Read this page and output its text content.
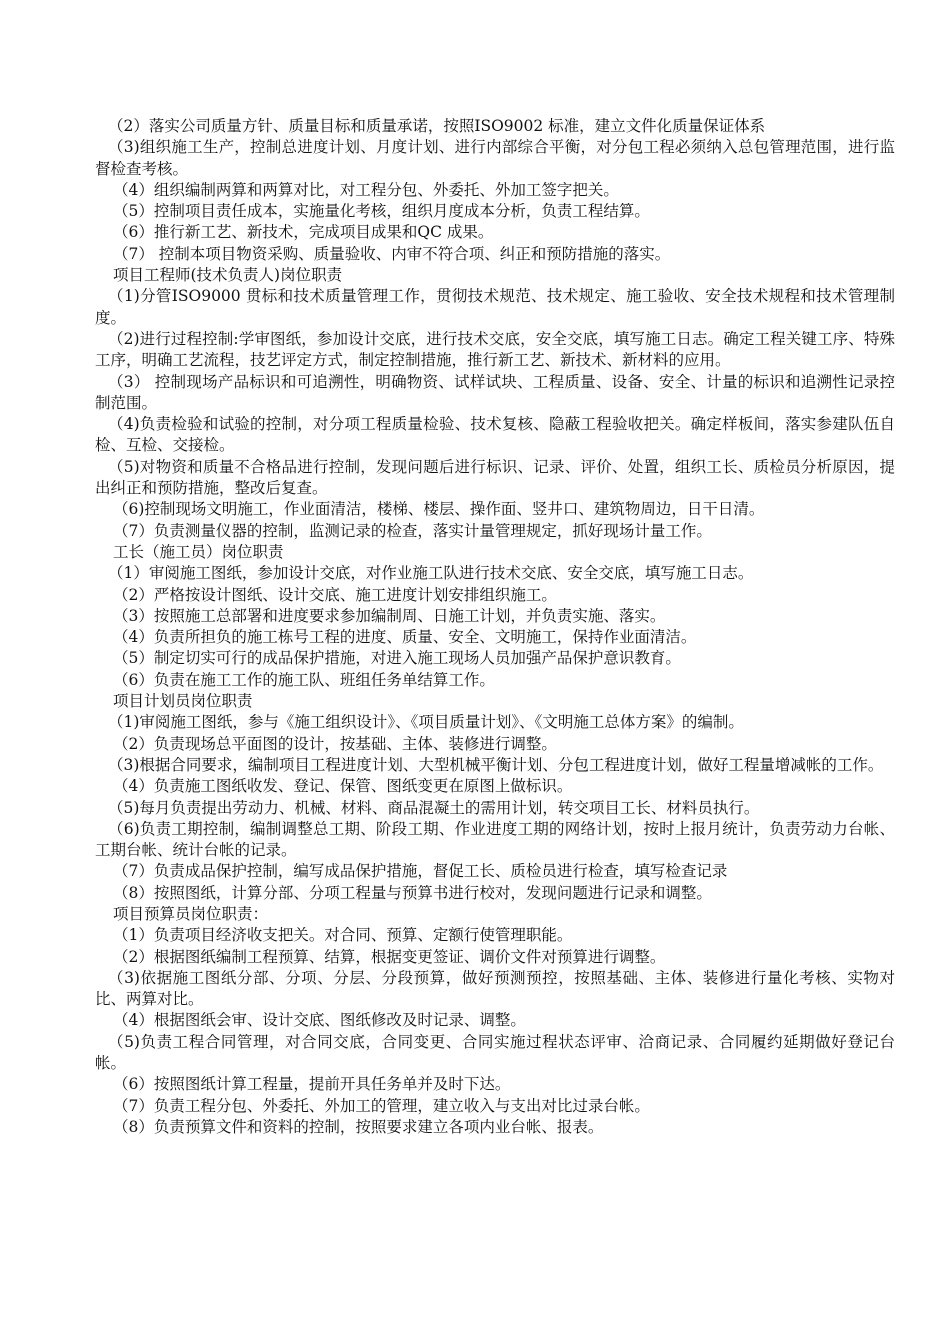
（2）落实公司质量方针、质量目标和质量承诺，按照ISO9002 标准，建立文件化质量保证体系

（3)组织施工生产，控制总进度计划、月度计划、进行内部综合平衡，对分包工程必须纳入总包管理范围，进行监督检查考核。

（4）组织编制两算和两算对比，对工程分包、外委托、外加工签字把关。

（5）控制项目责任成本，实施量化考核，组织月度成本分析，负责工程结算。

（6）推行新工艺、新技术，完成项目成果和QC 成果。

（7） 控制本项目物资采购、质量验收、内审不符合项、纠正和预防措施的落实。

项目工程师(技术负责人)岗位职责

（1)分管ISO9000 贯标和技术质量管理工作，贯彻技术规范、技术规定、施工验收、安全技术规程和技术管理制度。

（2)进行过程控制:学审图纸，参加设计交底，进行技术交底，安全交底，填写施工日志。确定工程关键工序、特殊工序，明确工艺流程，技艺评定方式，制定控制措施，推行新工艺、新技术、新材料的应用。

（3） 控制现场产品标识和可追溯性，明确物资、试样试块、工程质量、设备、安全、计量的标识和追溯性记录控制范围。

（4)负责检验和试验的控制，对分项工程质量检验、技术复核、隐蔽工程验收把关。确定样板间，落实参建队伍自检、互检、交接检。

（5)对物资和质量不合格品进行控制，发现问题后进行标识、记录、评价、处置，组织工长、质检员分析原因，提出纠正和预防措施，整改后复查。

（6)控制现场文明施工，作业面清洁，楼梯、楼层、操作面、竖井口、建筑物周边，日干日清。

（7）负责测量仪器的控制，监测记录的检查，落实计量管理规定，抓好现场计量工作。

工长（施工员）岗位职责

（1）审阅施工图纸，参加设计交底，对作业施工队进行技术交底、安全交底，填写施工日志。

（2）严格按设计图纸、设计交底、施工进度计划安排组织施工。

（3）按照施工总部署和进度要求参加编制周、日施工计划，并负责实施、落实。

（4）负责所担负的施工栋号工程的进度、质量、安全、文明施工，保持作业面清洁。

（5）制定切实可行的成品保护措施，对进入施工现场人员加强产品保护意识教育。

（6）负责在施工工作的施工队、班组任务单结算工作。

项目计划员岗位职责

（1)审阅施工图纸，参与《施工组织设计》、《项目质量计划》、《文明施工总体方案》的编制。

（2）负责现场总平面图的设计，按基础、主体、装修进行调整。

（3)根据合同要求，编制项目工程进度计划、大型机械平衡计划、分包工程进度计划，做好工程量增减帐的工作。

（4）负责施工图纸收发、登记、保管、图纸变更在原图上做标识。

（5)每月负责提出劳动力、机械、材料、商品混凝土的需用计划，转交项目工长、材料员执行。

（6)负责工期控制，编制调整总工期、阶段工期、作业进度工期的网络计划，按时上报月统计，负责劳动力台帐、工期台帐、统计台帐的记录。

（7）负责成品保护控制，编写成品保护措施，督促工长、质检员进行检查，填写检查记录

（8）按照图纸，计算分部、分项工程量与预算书进行校对，发现问题进行记录和调整。

项目预算员岗位职责：

（1）负责项目经济收支把关。对合同、预算、定额行使管理职能。

（2）根据图纸编制工程预算、结算，根据变更签证、调价文件对预算进行调整。

（3)依据施工图纸分部、分项、分层、分段预算，做好预测预控，按照基础、主体、装修进行量化考核、实物对比、两算对比。

（4）根据图纸会审、设计交底、图纸修改及时记录、调整。

（5)负责工程合同管理，对合同交底，合同变更、合同实施过程状态评审、洽商记录、合同履约延期做好登记台帐。

（6）按照图纸计算工程量，提前开具任务单并及时下达。

（7）负责工程分包、外委托、外加工的管理，建立收入与支出对比过录台帐。

（8）负责预算文件和资料的控制，按照要求建立各项内业台帐、报表。
